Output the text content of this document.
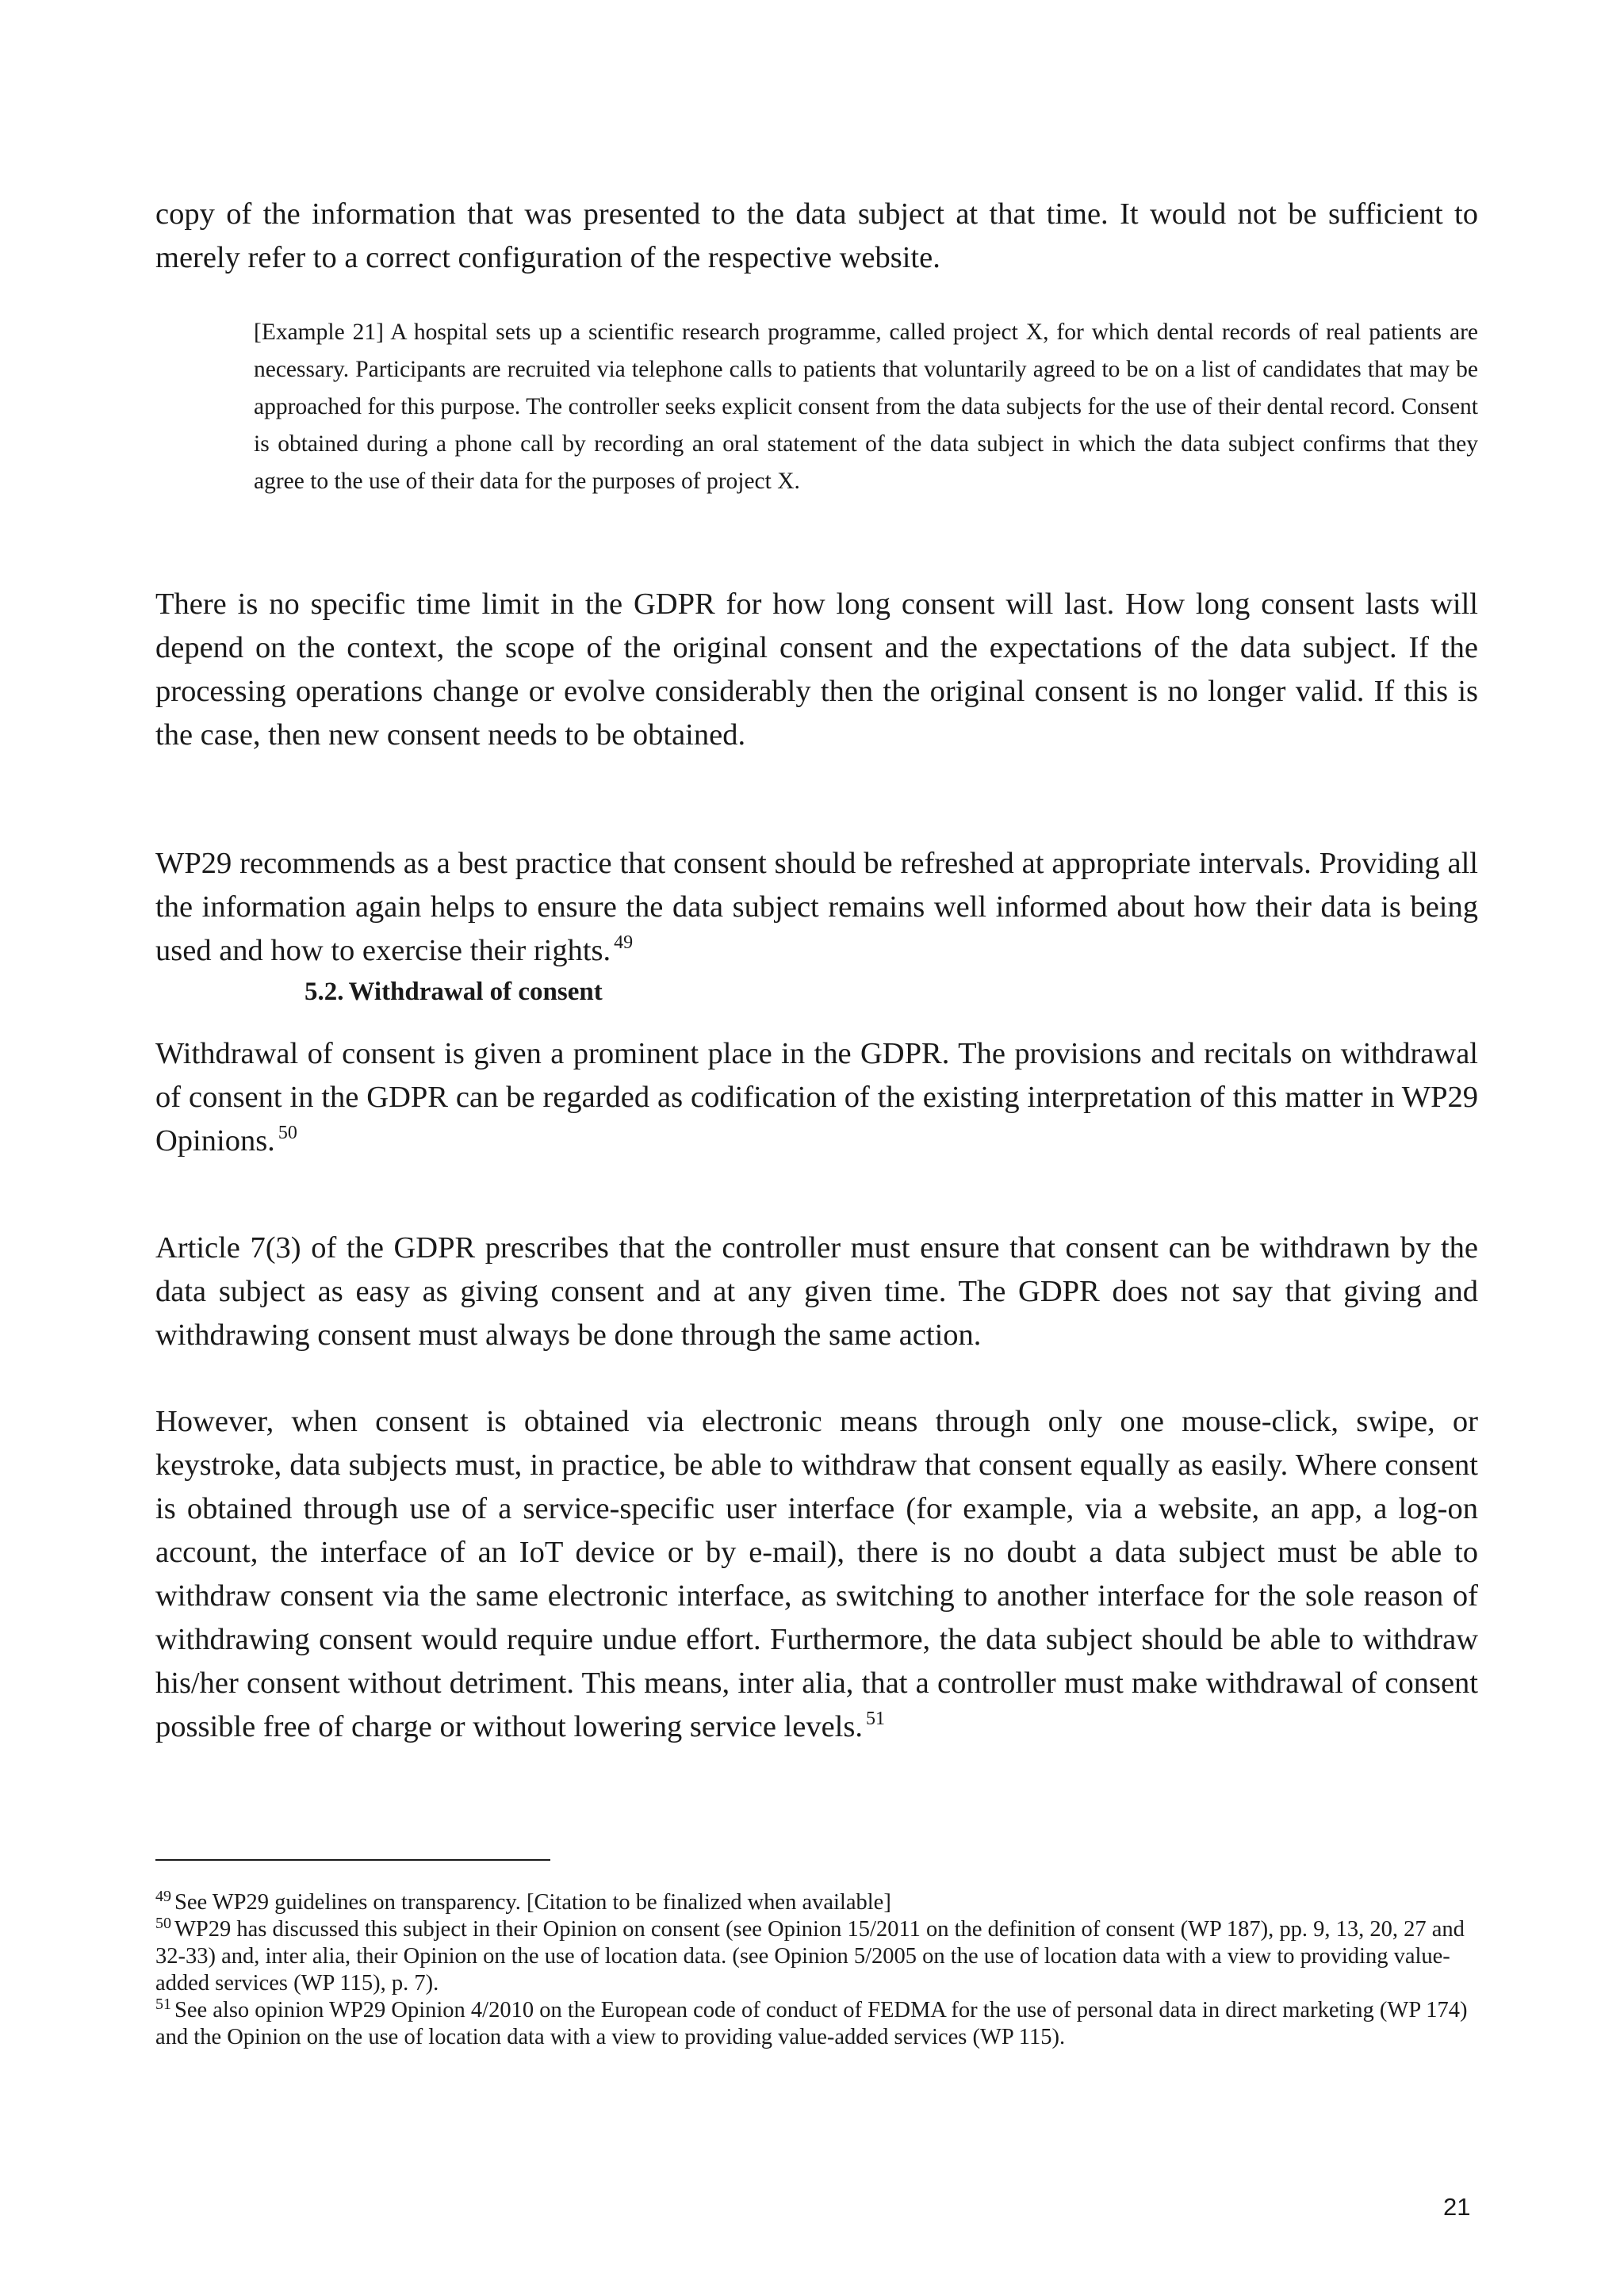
copy of the information that was presented to the data subject at that time. It would not be sufficient to merely refer to a correct configuration of the respective website.

[Example 21] A hospital sets up a scientific research programme, called project X, for which dental records of real patients are necessary. Participants are recruited via telephone calls to patients that voluntarily agreed to be on a list of candidates that may be approached for this purpose. The controller seeks explicit consent from the data subjects for the use of their dental record. Consent is obtained during a phone call by recording an oral statement of the data subject in which the data subject confirms that they agree to the use of their data for the purposes of project X.

There is no specific time limit in the GDPR for how long consent will last. How long consent lasts will depend on the context, the scope of the original consent and the expectations of the data subject. If the processing operations change or evolve considerably then the original consent is no longer valid. If this is the case, then new consent needs to be obtained.

WP29 recommends as a best practice that consent should be refreshed at appropriate intervals. Providing all the information again helps to ensure the data subject remains well informed about how their data is being used and how to exercise their rights. $^{49}$

5.2. Withdrawal of consent

Withdrawal of consent is given a prominent place in the GDPR. The provisions and recitals on withdrawal of consent in the GDPR can be regarded as codification of the existing interpretation of this matter in WP29 Opinions. $^{50}$

Article 7(3) of the GDPR prescribes that the controller must ensure that consent can be withdrawn by the data subject as easy as giving consent and at any given time. The GDPR does not say that giving and withdrawing consent must always be done through the same action.

However, when consent is obtained via electronic means through only one mouse-click, swipe, or keystroke, data subjects must, in practice, be able to withdraw that consent equally as easily. Where consent is obtained through use of a service-specific user interface (for example, via a website, an app, a log-on account, the interface of an IoT device or by e-mail), there is no doubt a data subject must be able to withdraw consent via the same electronic interface, as switching to another interface for the sole reason of withdrawing consent would require undue effort. Furthermore, the data subject should be able to withdraw his/her consent without detriment. This means, inter alia, that a controller must make withdrawal of consent possible free of charge or without lowering service levels. $^{51}$

$^{49}$ See WP29 guidelines on transparency. [Citation to be finalized when available]

$^{50}$ WP29 has discussed this subject in their Opinion on consent (see Opinion 15/2011 on the definition of consent (WP 187), pp. 9, 13, 20, 27 and 32-33) and, inter alia, their Opinion on the use of location data. (see Opinion 5/2005 on the use of location data with a view to providing value-added services (WP 115), p. 7).

$^{51}$ See also opinion WP29 Opinion 4/2010 on the European code of conduct of FEDMA for the use of personal data in direct marketing (WP 174) and the Opinion on the use of location data with a view to providing value-added services (WP 115).

21
